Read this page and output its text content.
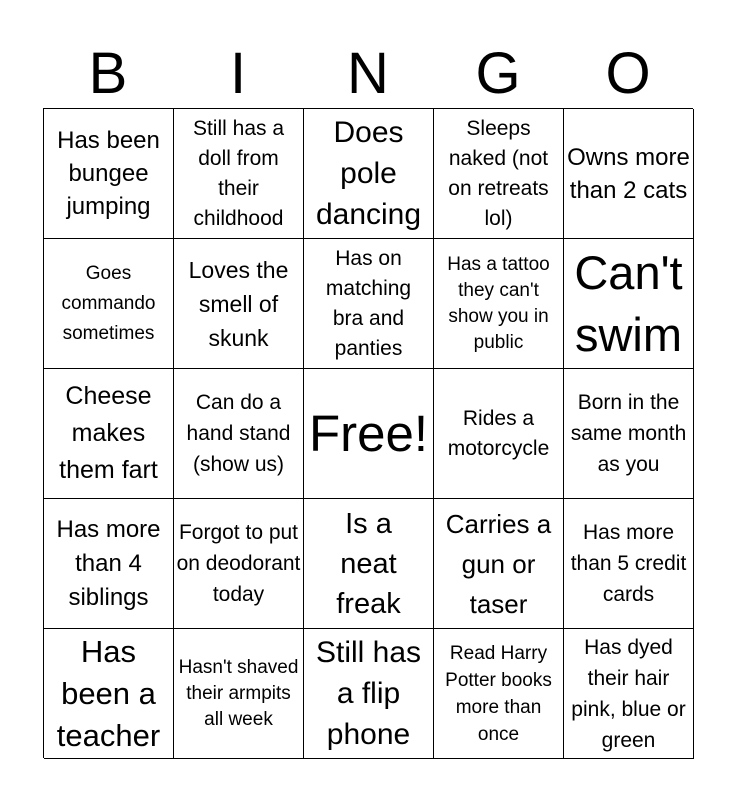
B	I	N	G	O
Has been bungee jumping
Still has a doll from their childhood
Does pole dancing
Sleeps naked (not on retreats lol)
Owns more than 2 cats
Goes commando sometimes
Loves the smell of skunk
Has on matching bra and panties
Has a tattoo they can't show you in public
Can't swim
Cheese makes them fart
Can do a hand stand (show us)
Free!	Rides a motorcycle
Born in the same month as you
Has more than 4 siblings
Forgot to put on deodorant today
Is a neat freak
Carries a gun or taser
Has more than 5 credit cards
Has been a teacher
Hasn't shaved their armpits all week
Still has a flip phone
Read Harry Potter books more than once
Has dyed their hair pink, blue or green
